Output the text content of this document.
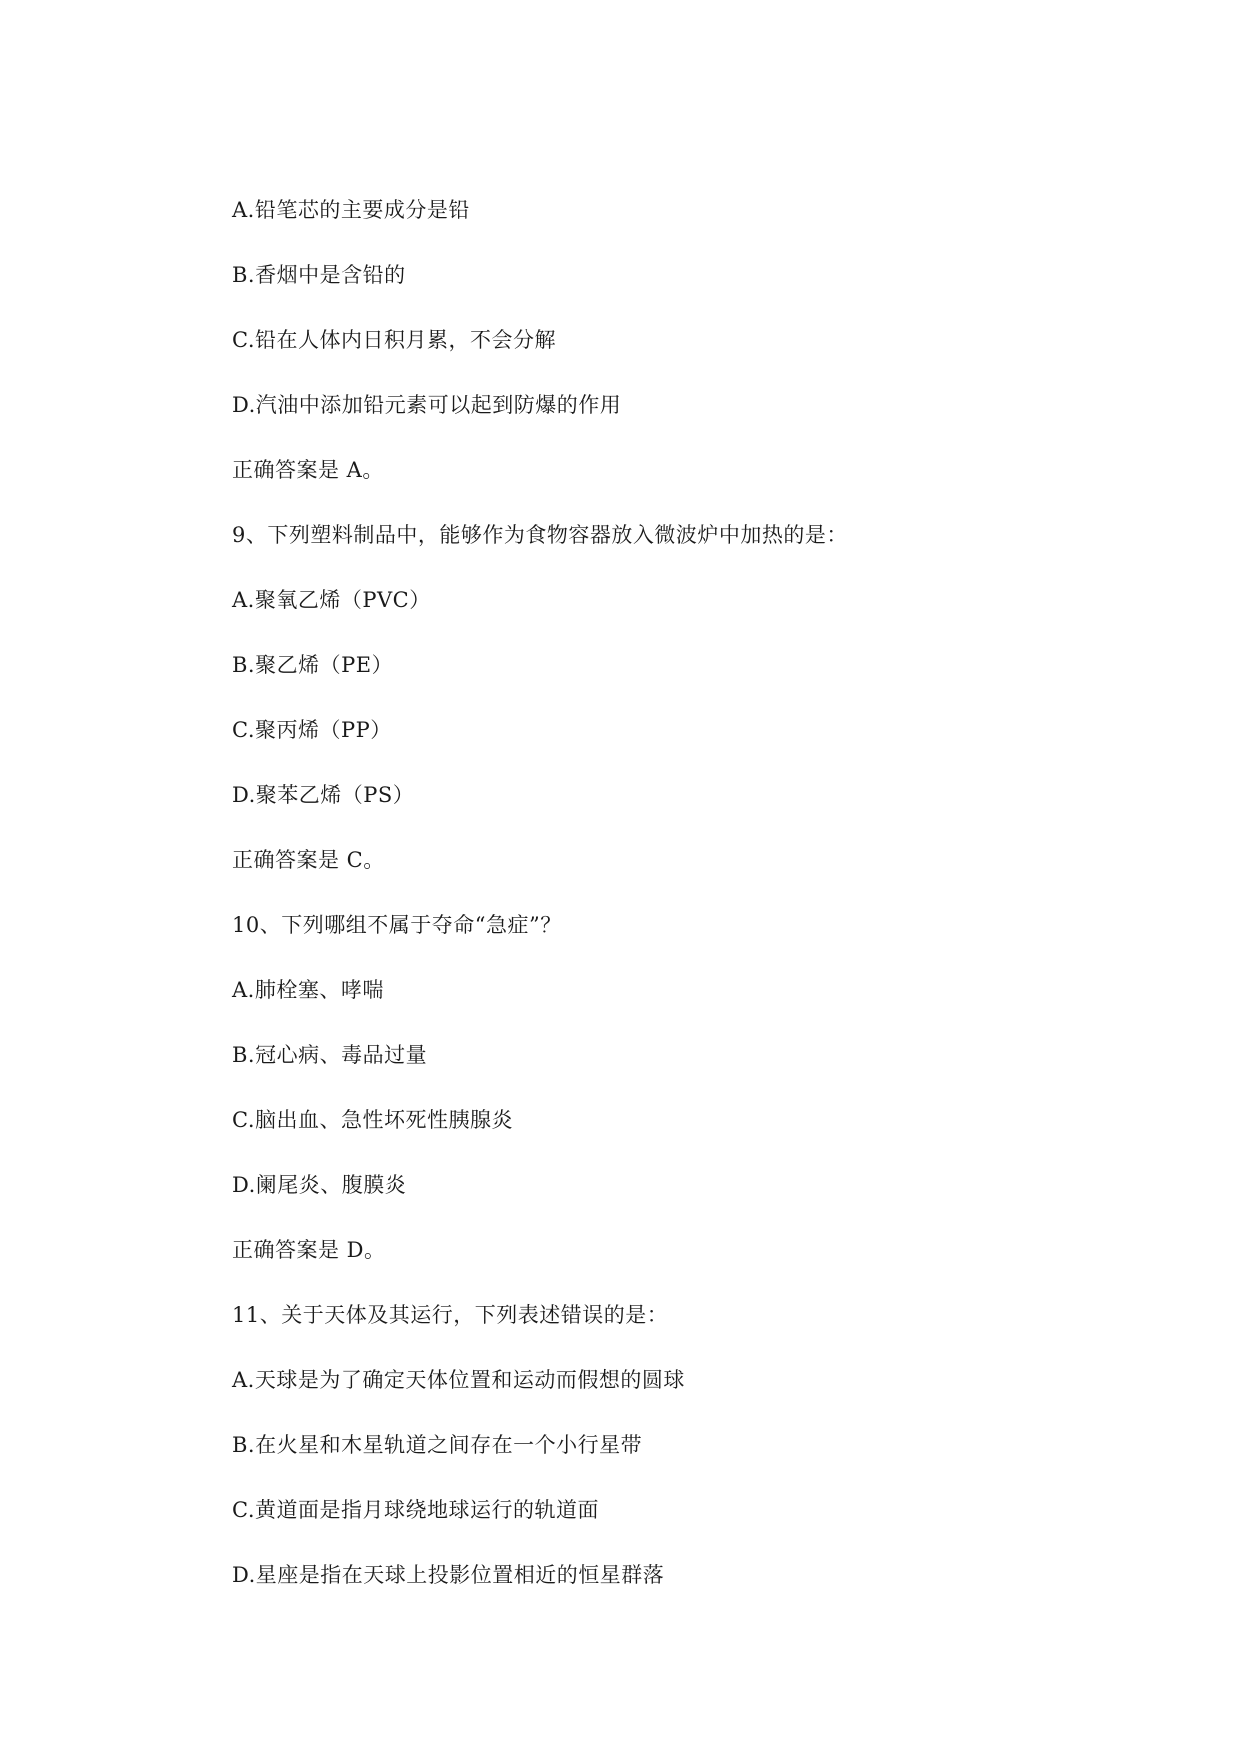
A.铅笔芯的主要成分是铅
B.香烟中是含铅的
C.铅在人体内日积月累，不会分解
D.汽油中添加铅元素可以起到防爆的作用
正确答案是 A。
9、下列塑料制品中，能够作为食物容器放入微波炉中加热的是：
A.聚氧乙烯（PVC）
B.聚乙烯（PE）
C.聚丙烯（PP）
D.聚苯乙烯（PS）
正确答案是 C。
10、下列哪组不属于夺命“急症”？
A.肺栓塞、哮喘
B.冠心病、毒品过量
C.脑出血、急性坏死性胰腺炎
D.阑尾炎、腹膜炎
正确答案是 D。
11、关于天体及其运行，下列表述错误的是：
A.天球是为了确定天体位置和运动而假想的圆球
B.在火星和木星轨道之间存在一个小行星带
C.黄道面是指月球绕地球运行的轨道面
D.星座是指在天球上投影位置相近的恒星群落
